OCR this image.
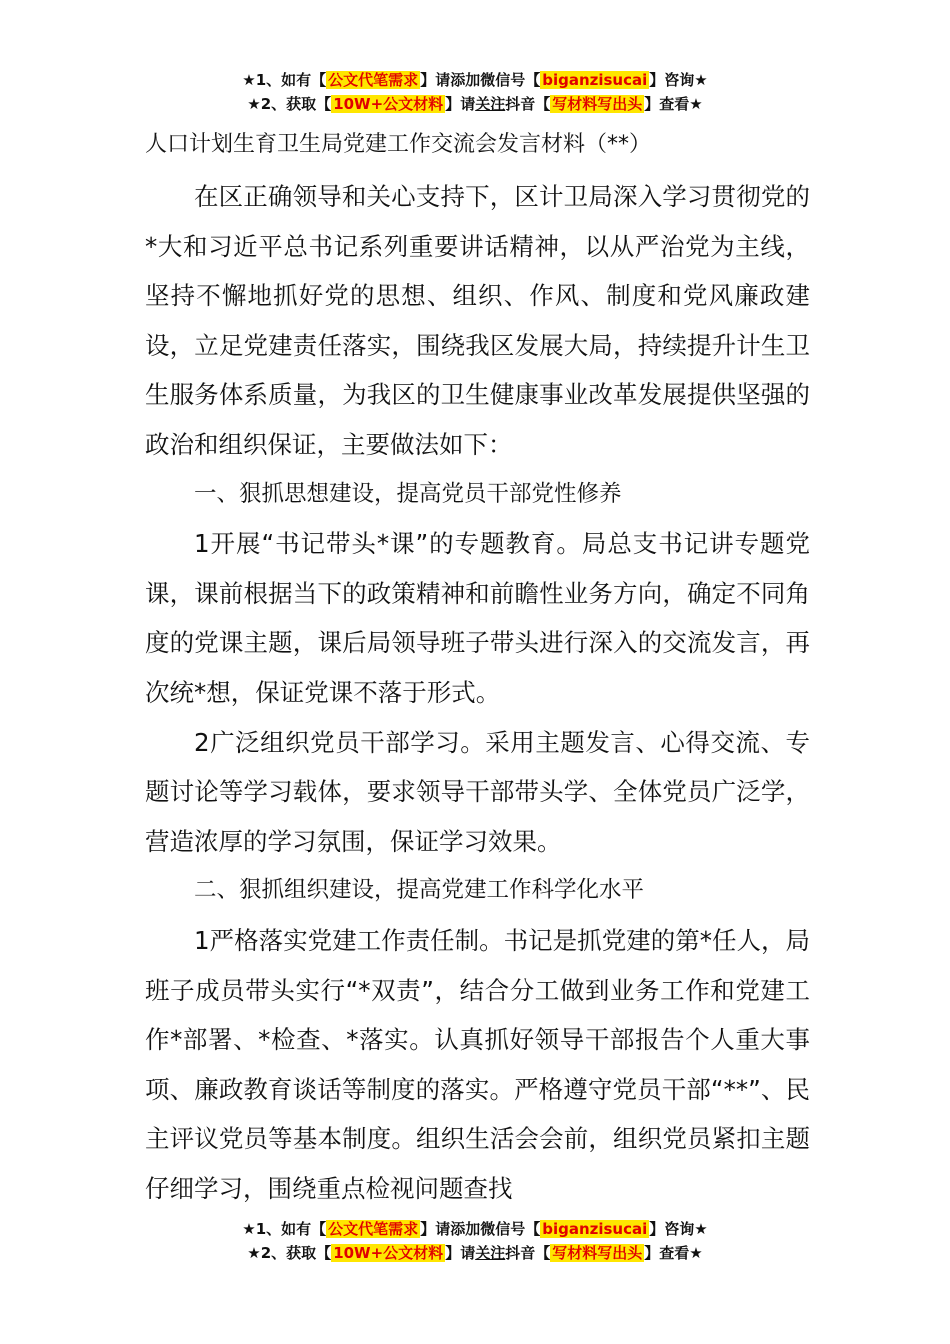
★1、如有【 公文代笔需求 】请添加微信号【 biganzisucai 】咨询★
★2、获取【 10W+公文材料 】请关注抖音【 写材料写出头 】查看★

人口计划生育卫生局党建工作交流会发言材料（**）

在区正确领导和关心支持下，区计卫局深入学习贯彻党的*大和习近平总书记系列重要讲话精神，以从严治党为主线，坚持不懈地抓好党的思想、组织、作风、制度和党风廉政建设，立足党建责任落实，围绕我区发展大局，持续提升计生卫生服务体系质量，为我区的卫生健康事业改革发展提供坚强的政治和组织保证，主要做法如下：

一、狠抓思想建设，提高党员干部党性修养

1开展“书记带头*课”的专题教育。局总支书记讲专题党课，课前根据当下的政策精神和前瞻性业务方向，确定不同角度的党课主题，课后局领导班子带头进行深入的交流发言，再次统*想，保证党课不落于形式。

2广泛组织党员干部学习。采用主题发言、心得交流、专题讨论等学习载体，要求领导干部带头学、全体党员广泛学，营造浓厚的学习氛围，保证学习效果。

二、狠抓组织建设，提高党建工作科学化水平

1严格落实党建工作责任制。书记是抓党建的第*任人，局班子成员带头实行“*双责”，结合分工做到业务工作和党建工作*部署、*检查、*落实。认真抓好领导干部报告个人重大事项、廉政教育谈话等制度的落实。严格遵守党员干部“**”、民主评议党员等基本制度。组织生活会会前，组织党员紧扣主题仔细学习，围绕重点检视问题查找

★1、如有【 公文代笔需求 】请添加微信号【 biganzisucai 】咨询★
★2、获取【 10W+公文材料 】请关注抖音【 写材料写出头 】查看★
